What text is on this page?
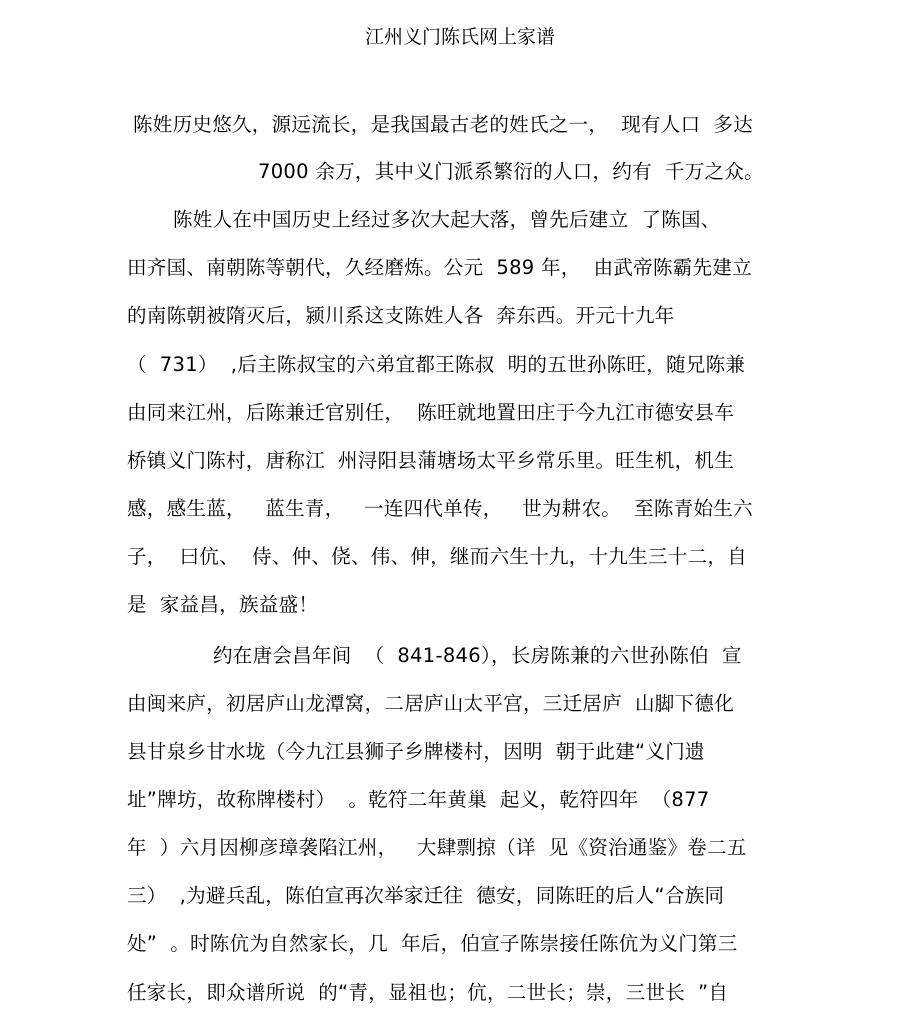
江州义门陈氏网上家谱
陈姓历史悠久，源远流长，是我国最古老的姓氏之一，  现有人口  多达
7000 余万，其中义门派系繁衍的人口，约有  千万之众。
陈姓人在中国历史上经过多次大起大落，曾先后建立  了陈国、
田齐国、南朝陈等朝代，久经磨炼。公元  589 年，  由武帝陈霸先建立
的南陈朝被隋灭后，颍川系这支陈姓人各  奔东西。开元十九年
（  731）  ,后主陈叔宝的六弟宜都王陈叔  明的五世孙陈旺，随兄陈兼
由同来江州，后陈兼迁官别任，  陈旺就地置田庄于今九江市德安县车
桥镇义门陈村，唐称江  州浔阳县蒲塘场太平乡常乐里。旺生机，机生
感，感生蓝，   蓝生青，   一连四代单传，   世为耕农。  至陈青始生六
子，  曰伉、  侍、仲、侥、伟、伸，继而六生十九，十九生三十二，自
是  家益昌，族益盛！
约在唐会昌年间  （  841-846），长房陈兼的六世孙陈伯  宣
由闽来庐，初居庐山龙潭窝，二居庐山太平宫，三迁居庐  山脚下德化
县甘泉乡甘水垅（今九江县狮子乡牌楼村，因明  朝于此建“义门遗
址”牌坊，故称牌楼村）  。乾符二年黄巢  起义，乾符四年  （877
年  ）六月因柳彦璋袭陷江州，   大肆剽掠（详  见《资治通鉴》卷二五
三）  ,为避兵乱，陈伯宣再次举家迁往  德安，同陈旺的后人“合族同
处”  。时陈伉为自然家长，几  年后，伯宣子陈崇接任陈伉为义门第三
任家长，即众谱所说  的“青，显祖也；伉，二世长；崇，三世长  ”自
